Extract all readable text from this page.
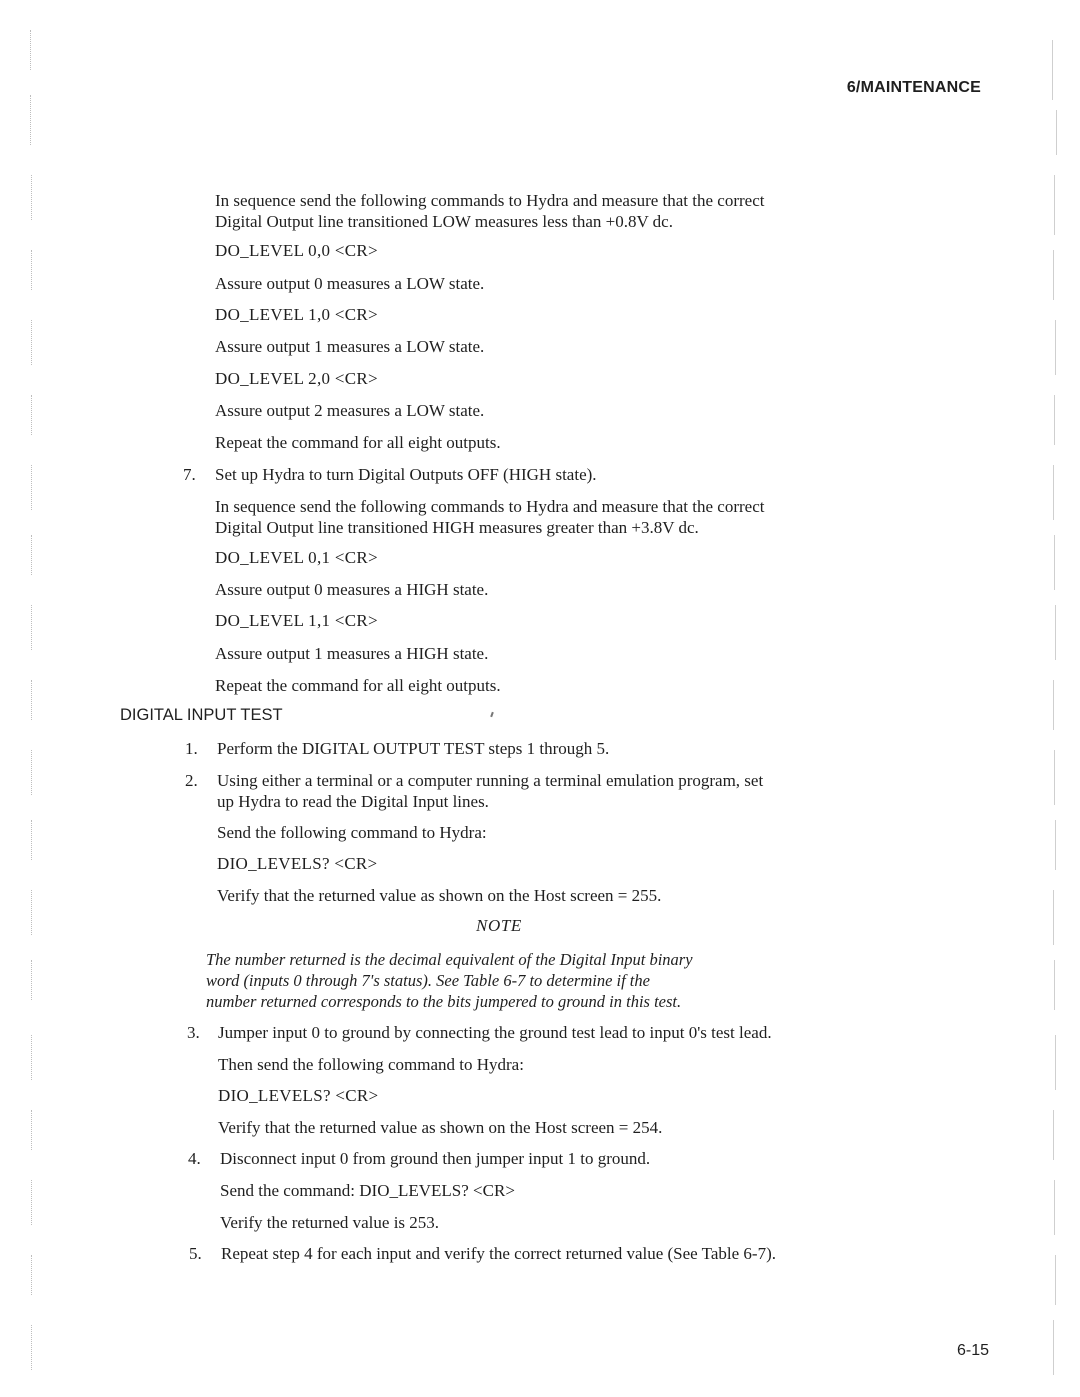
6/MAINTENANCE
In sequence send the following commands to Hydra and measure that the correct
Digital Output line transitioned LOW measures less than +0.8V dc.
DO_LEVEL 0,0 <CR>
Assure output 0 measures a LOW state.
DO_LEVEL 1,0 <CR>
Assure output 1 measures a LOW state.
DO_LEVEL 2,0 <CR>
Assure output 2 measures a LOW state.
Repeat the command for all eight outputs.
7. Set up Hydra to turn Digital Outputs OFF (HIGH state).
In sequence send the following commands to Hydra and measure that the correct
Digital Output line transitioned HIGH measures greater than +3.8V dc.
DO_LEVEL 0,1 <CR>
Assure output 0 measures a HIGH state.
DO_LEVEL 1,1 <CR>
Assure output 1 measures a HIGH state.
Repeat the command for all eight outputs.
DIGITAL INPUT TEST
1. Perform the DIGITAL OUTPUT TEST steps 1 through 5.
2. Using either a terminal or a computer running a terminal emulation program, set
up Hydra to read the Digital Input lines.
Send the following command to Hydra:
DIO_LEVELS? <CR>
Verify that the returned value as shown on the Host screen = 255.
NOTE
The number returned is the decimal equivalent of the Digital Input binary
word (inputs 0 through 7's status). See Table 6-7 to determine if the
number returned corresponds to the bits jumpered to ground in this test.
3. Jumper input 0 to ground by connecting the ground test lead to input 0's test lead.
Then send the following command to Hydra:
DIO_LEVELS? <CR>
Verify that the returned value as shown on the Host screen = 254.
4. Disconnect input 0 from ground then jumper input 1 to ground.
Send the command: DIO_LEVELS? <CR>
Verify the returned value is 253.
5. Repeat step 4 for each input and verify the correct returned value (See Table 6-7).
6-15
